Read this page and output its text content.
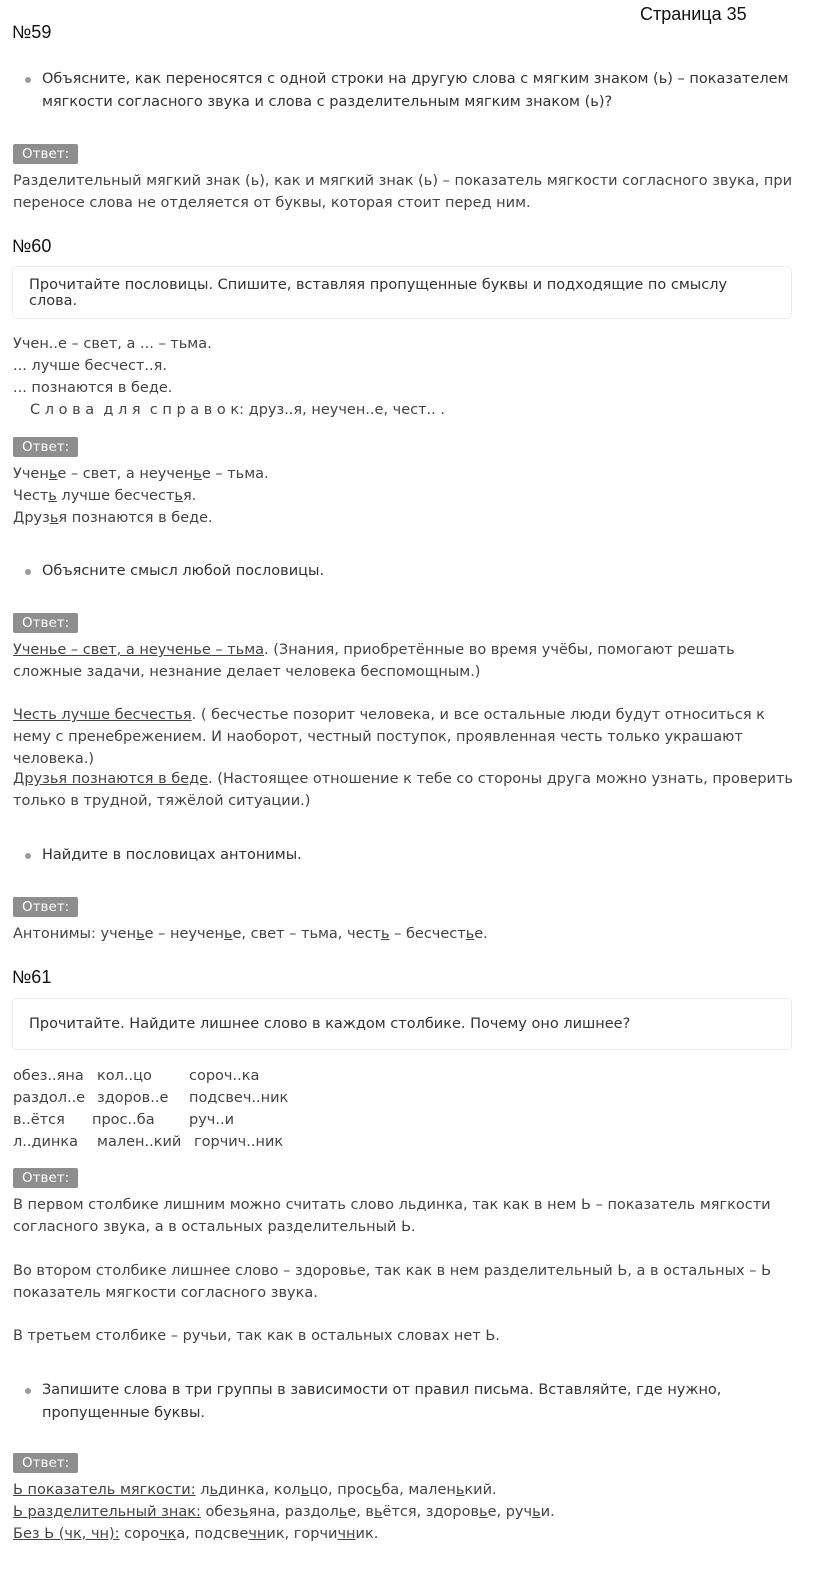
Страница 35
№59
Объясните, как переносятся с одной строки на другую слова с мягким знаком (ь) – показателем мягкости согласного звука и слова с разделительным мягким знаком (ь)?
Ответ:
Разделительный мягкий знак (ь), как и мягкий знак (ь) – показатель мягкости согласного звука, при переносе слова не отделяется от буквы, которая стоит перед ним.
№60
Прочитайте пословицы. Спишите, вставляя пропущенные буквы и подходящие по смыслу слова.
Учен..е – свет, а ... – тьма.
... лучше бесчест..я.
... познаются в беде.
С л о в а  д л я  с п р а в о к: друз..я, неучен..е, чест.. .
Ответ:
Ученье – свет, а неученье – тьма.
Честь лучше бесчестья.
Друзья познаются в беде.
Объясните смысл любой пословицы.
Ответ:
Ученье – свет, а неученье – тьма. (Знания, приобретённые во время учёбы, помогают решать сложные задачи, незнание делает человека беспомощным.)
Честь лучше бесчестья. ( бесчестье позорит человека, и все остальные люди будут относиться к нему с пренебрежением. И наоборот, честный поступок, проявленная честь только украшают человека.)
Друзья познаются в беде. (Настоящее отношение к тебе со стороны друга можно узнать, проверить только в трудной, тяжёлой ситуации.)
Найдите в пословицах антонимы.
Ответ:
Антонимы: ученье – неученье, свет – тьма, честь – бесчестье.
№61
Прочитайте. Найдите лишнее слово в каждом столбике. Почему оно лишнее?
обез..яна кол..цо	сороч..ка
раздол..е здоров..е подсвеч..ник
в..ётся прос..ба руч..и
л..динка мален..кий горчич..ник
Ответ:
В первом столбике лишним можно считать слово льдинка, так как в нем Ь – показатель мягкости согласного звука, а в остальных разделительный Ь.
Во втором столбике лишнее слово – здоровье, так как в нем разделительный Ь, а в остальных – Ь показатель мягкости согласного звука.
В третьем столбике – ручьи, так как в остальных словах нет Ь.
Запишите слова в три группы в зависимости от правил письма. Вставляйте, где нужно, пропущенные буквы.
Ответ:
Ь показатель мягкости: льдинка, кольцо, просьба, маленький.
Ь разделительный знак: обезьяна, раздолье, вьётся, здоровье, ручьи.
Без Ь (чк, чн): сорочка, подсвечник, горчичник.
